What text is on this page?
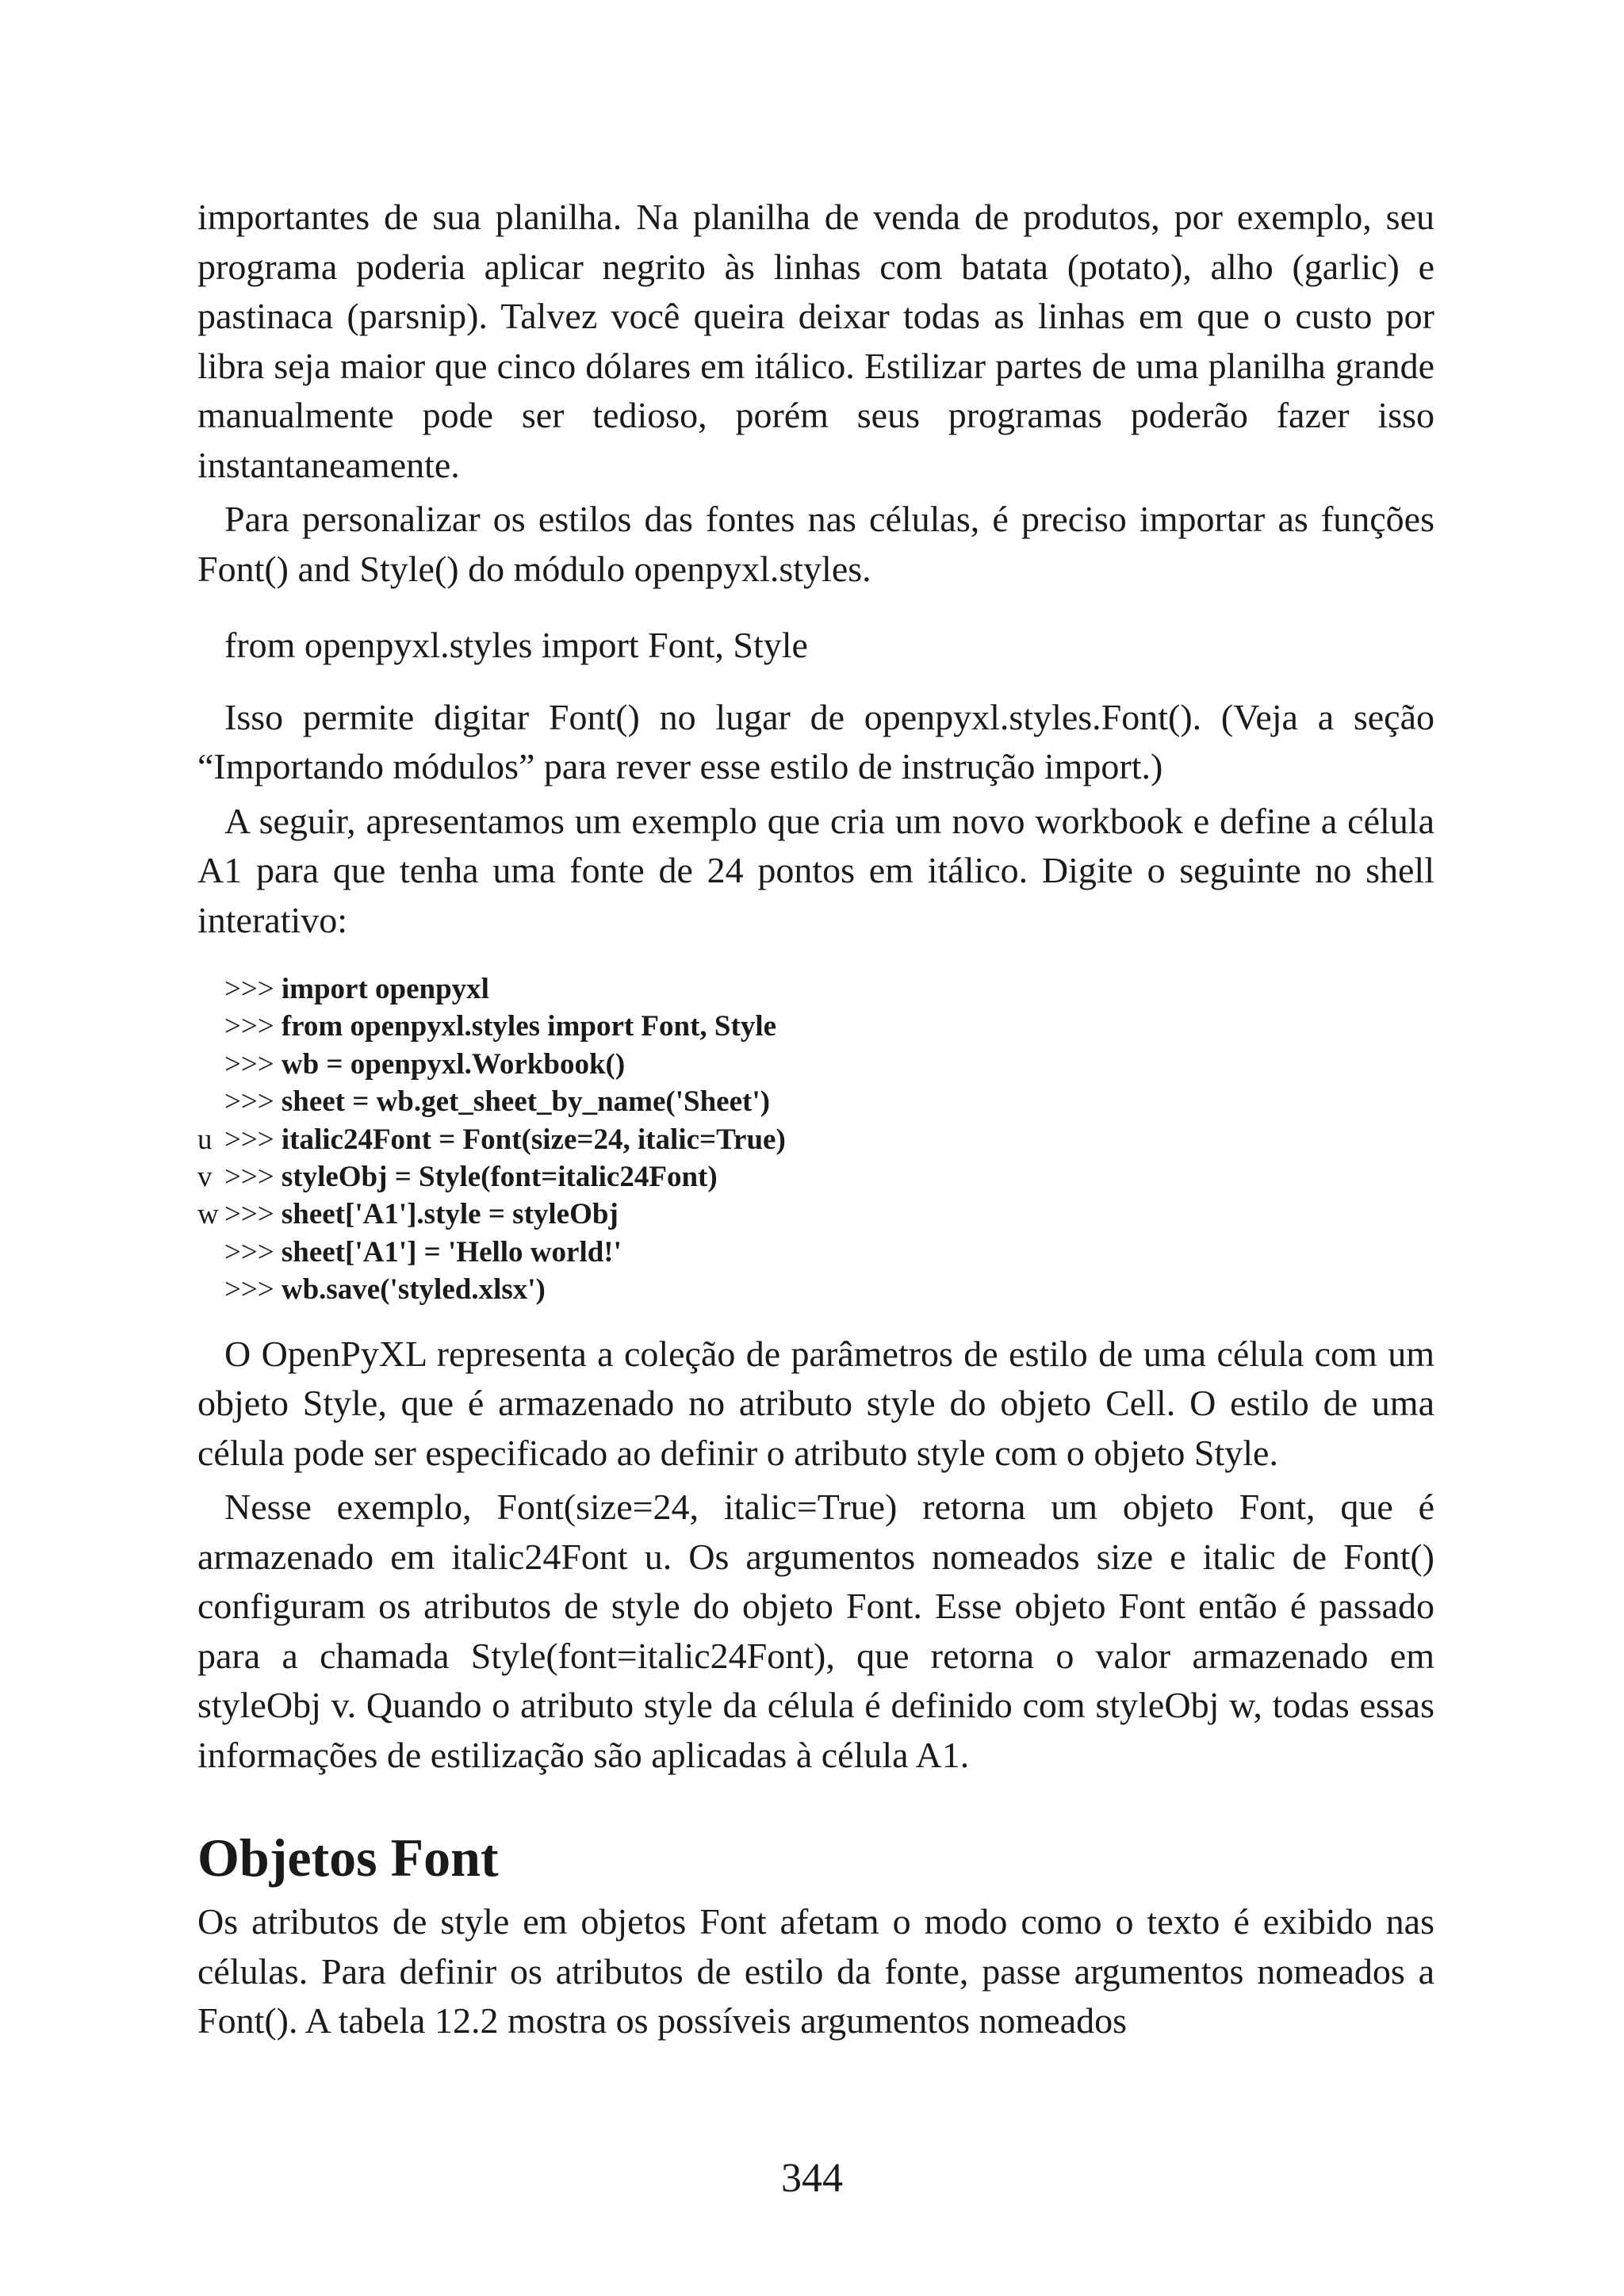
importantes de sua planilha. Na planilha de venda de produtos, por exemplo, seu programa poderia aplicar negrito às linhas com batata (potato), alho (garlic) e pastinaca (parsnip). Talvez você queira deixar todas as linhas em que o custo por libra seja maior que cinco dólares em itálico. Estilizar partes de uma planilha grande manualmente pode ser tedioso, porém seus programas poderão fazer isso instantaneamente.

Para personalizar os estilos das fontes nas células, é preciso importar as funções Font() and Style() do módulo openpyxl.styles.

from openpyxl.styles import Font, Style

Isso permite digitar Font() no lugar de openpyxl.styles.Font(). (Veja a seção “Importando módulos” para rever esse estilo de instrução import.)

A seguir, apresentamos um exemplo que cria um novo workbook e define a célula A1 para que tenha uma fonte de 24 pontos em itálico. Digite o seguinte no shell interativo:

>>> import openpyxl
>>> from openpyxl.styles import Font, Style
>>> wb = openpyxl.Workbook()
>>> sheet = wb.get_sheet_by_name('Sheet')
u >>> italic24Font = Font(size=24, italic=True)
v >>> styleObj = Style(font=italic24Font)
w >>> sheet['A1'].style = styleObj
>>> sheet['A1'] = 'Hello world!'
>>> wb.save('styled.xlsx')

O OpenPyXL representa a coleção de parâmetros de estilo de uma célula com um objeto Style, que é armazenado no atributo style do objeto Cell. O estilo de uma célula pode ser especificado ao definir o atributo style com o objeto Style.

Nesse exemplo, Font(size=24, italic=True) retorna um objeto Font, que é armazenado em italic24Font u. Os argumentos nomeados size e italic de Font() configuram os atributos de style do objeto Font. Esse objeto Font então é passado para a chamada Style(font=italic24Font), que retorna o valor armazenado em styleObj v. Quando o atributo style da célula é definido com styleObj w, todas essas informações de estilização são aplicadas à célula A1.

Objetos Font

Os atributos de style em objetos Font afetam o modo como o texto é exibido nas células. Para definir os atributos de estilo da fonte, passe argumentos nomeados a Font(). A tabela 12.2 mostra os possíveis argumentos nomeados

344
